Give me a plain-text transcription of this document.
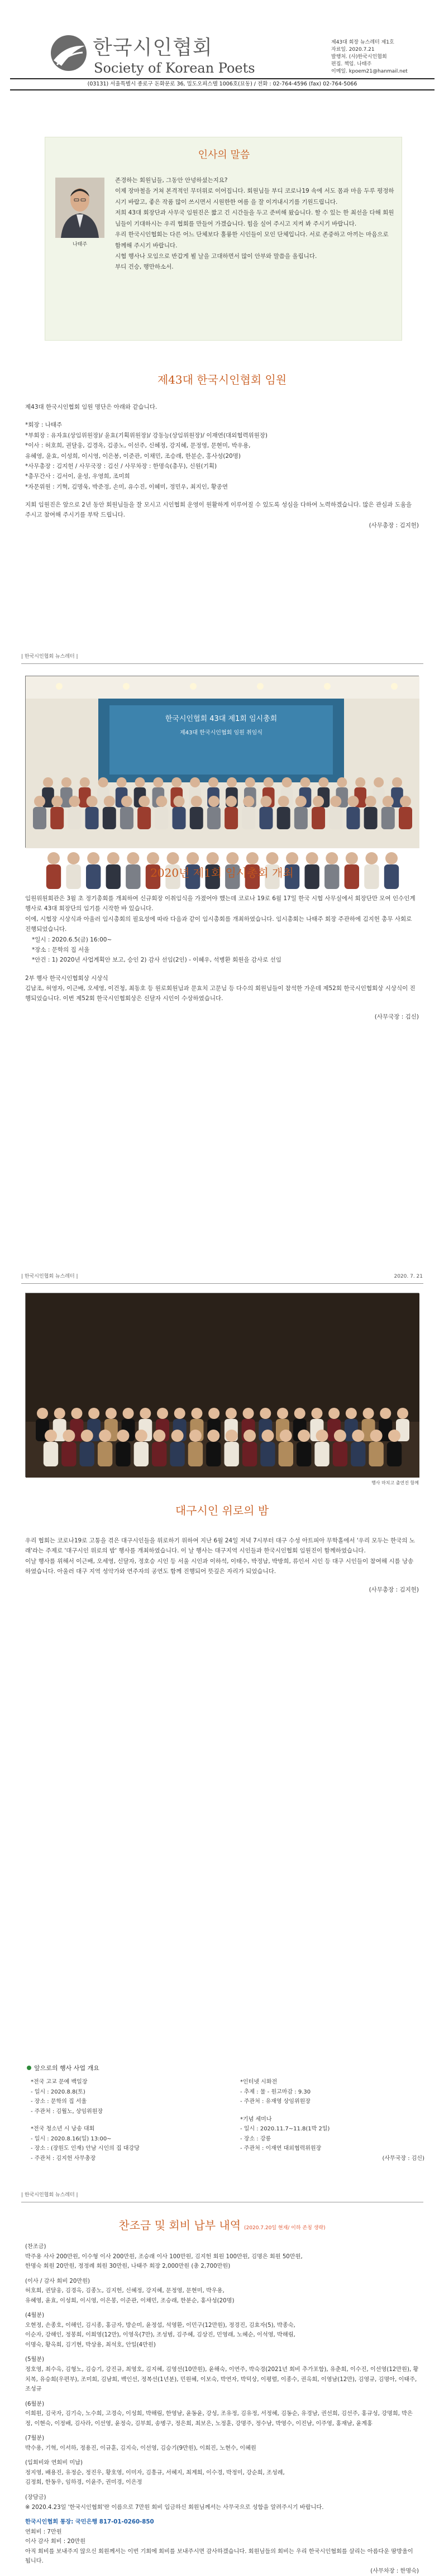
한국시인협회
Society of Korean Poets
제43대 회장 뉴스레터 제1호
자료일. 2020.7.21
발행처. (사)한국시인협회
편집. 책임. 나태주
이메일. kpoem21@hanmail.net
(03131) 서울특별시 종로구 돈화문로 36, 밀도오피스텔 1006호(묘동) / 전화 : 02-764-4596 (fax) 02-764-5066
인사의 말씀
나태주

존경하는 회원님들, 그동안 안녕하셨는지요?

이제 장마철을 거쳐 본격적인 무더위로 이어집니다. 회원님들 부디 코로나19 속에 서도 몸과 마음 두루 평정하시기 바랍고, 좋은 작품 많이 쓰시면서 시원한한 여름 을 잘 이겨내시기를 기원드립니다.

저희 43대 회장단과 사무국 임원진은 짧고 긴 시간들을 두고 준비해 왔습니다. 할 수 있는 한 최선을 다해 회원님들이 기대하시는 우리 협회를 만들어 가겠습니다. 힘을 실어 주시고 지켜 봐 주시기 바랍니다.

우리 한국시인협회는 다른 어느 단체보다 훌륭한 시인들이 모인 단체입니다. 서로 존중하고 아끼는 마음으로 함께해 주시기 바랍니다.

시협 행사나 모임으로 반갑게 뵐 날을 고대하면서 많이 안부와 말씀을 올립니다.

부디 건승, 행만하소서.

제43대 한국시인협회 임원

제43대 한국시인협회 임원 명단은 아래와 같습니다.

*회장 : 나태주

*부회장 : 유자효(상임위원장)/ 윤효(기획위원장)/ 강동능(상임위원장)/ 이재연(대외협력위원장)

*이사 : 허호희, 권달웅, 김경옥, 김종노, 이선주, 신혜정, 강지혜, 문정영, 문현미, 박우용,

유혜영, 윤효, 이성희, 이시영, 이은봉, 이준관, 이채민, 조승래, 한분순, 홍사성(20명)

*사무총장 : 김지헌 / 사무국장 : 김신 / 사무차장 : 한명숙(총무), 신원(기획)

*총무간사 : 김서이, 윤성, 우영희, 조미희

*자문위원 : 기혁, 김명욱, 박준정, 손미, 유수진, 이혜미, 정민우, 최지인, 황종연

지회 임원진은 앞으로 2년 동안 회원님들을 잘 모시고 시인협회 운영이 원활하게 이루어질 수 있도록 성심을 다하여 노력하겠습니다. 많은 관심과 도움을 주시고 참여해 주시기를 부탁 드립니다.

(사무총장 : 김지헌)

| 한국시인협회 뉴스레터 |
한국시인협회 43대 제1회 임시총회
제43대 한국시인협회 임원 취임식
2020년 제1회 임시총회 개최

임원위원회관은 3월 초 정기총회를 개최하여 신규회장 이취임식을 가졌어야 했는데 코로나 19로 6월 17일 한국 시협 사무실에서 회장단만 모여 인수인계 행사로 43대 회장단의 임기를 시작한 바 있습니다.

이에, 시협장 시상식과 아울러 임시총회의 필요성에 따라 다음과 같이 임시총회를 개최하였습니다. 임시총회는 나태주 회장 주관하에 김지헌 총무 사회로 진행되었습니다.

*일시 : 2020.6.5(금) 16:00~

*장소 : 문학의 집 서울

*안건 : 1) 2020년 사업계획안 보고, 승인 2) 감사 선임(2인) - 이혜우, 석병환 회원을 감사로 선임

2부 행사 한국시인협회상 시상식

김남조, 허영자, 이근배, 오세영, 이건청, 최동호 등 원로회원님과 문효치 고문님 등 다수의 회원님들이 참석한 가운데 제52회 한국시인협회상 시상식이 진행되었습니다. 이번 제52회 한국시인협회상은 신달자 시인이 수상하였습니다.

(사무국장 : 김신)

| 한국시인협회 뉴스레터 |	2020. 7. 21
행사 마치고 출연진 함께
대구시인 위로의 밤

우리 협회는 코로나19로 고통을 겪은 대구시인들을 위로하기 위하여 지난 6월 24일 저녁 7시부터 대구 수성 아트피아 무학홀에서 '우리 모두는 한국의 노래'라는 주제로 '대구시인 위로의 밤' 행사를 개최하였습니다. 이 날 행사는 대구지역 시인들과 한국시인협회 임원진이 함께하였습니다.

이날 행사를 위해서 이근배, 오세영, 신달자, 정호승 시인 등 서울 시인과 이하석, 이태수, 박정남, 박방희, 류인서 시인 등 대구 시인들이 참여해 시를 낭송하였습니다. 아울러 대구 지역 성악가와 연주자의 공연도 함께 진행되어 뜻깊은 자리가 되었습니다.

(사무총장 : 김지헌)

앞으로의 행사 사업 개요

*전국 고교 문예 백일장

- 일시 : 2020.8.8(토)

- 장소 : 문학의 집 서울

- 주관처 : 김월노, 상임위원장

*전국 청소년 시 낭송 대회

- 일시 : 2020.8.16(일) 13:00~

- 장소 : (장원도 인재) 안남 시인의 집 대강당

- 주관처 : 김지헌 사무총장

*인터넷 시화전

- 추제 : 물 - 원고마감 : 9.30

- 주관처 : 유재영 상임위원장

*기념 세미나

- 일시 : 2020.11.7~11.8(1박 2일)

- 장소 : 강릉

- 주관처 : 이재연 대외협력위원장

(사무국장 : 김신)

| 한국시인협회 뉴스레터 |
찬조금 및 회비 납부 내역 (2020.7.20일 현재/ 이하 존칭 생략)

(찬조금)

박주용 사사 200만원, 이수형 이사 200만원, 조승래 이사 100만원, 김지헌 회원 100만원, 김명은 회원 50만원,

한명숙 회원 20만원, 정정례 회원 30만원, 나태주 회장 2,000만원 (총 2,700만원)

(이사 / 감사 회비 20만원)

허호희, 권달웅, 김경옥, 김종노, 김지헌, 신혜정, 강지혜, 문정영, 문현미, 박우용,

유혜영, 윤효, 이성희, 이시영, 이은봉, 이준관, 이채민, 조승래, 한분순, 홍사성(20명)

(4월분)

오현정, 손종호, 이해인, 김시종, 홍금자, 방순미, 윤정섭, 석영환, 이민구(12만원), 정경진, 김효자(5), 박종숙,

이순자, 강해인, 정봉희, 이희영(12만), 이영욱(7만), 조성범, 김주혜, 김상진, 민영래, 노혜순, 이석영, 박해림,

이명숙, 황옥희, 김기현, 박상용, 최석호, 안일(4만원)

(5월분)

정호영, 최수옥, 김형노, 김승기, 강진규, 최영호, 김지혜, 김영선(10만원), 윤해숙, 이연주, 박숙경(2021년 회비 추가포함), 유춘희, 이수진, 이선영(12만원), 황치복, 유승희(우편부), 조미희, 김남희, 백인선, 정복선(1년분), 민원혜, 이보숙, 박연자, 박덕상, 이평렬, 이종수, 권옥희, 이영남(12만), 김영규, 김명아, 이태주, 조성규

(6월분)

이희원, 김국자, 김기숙, 노수희, 고경숙, 이성희, 박해림, 한영남, 윤동윤, 강성, 조유정, 김유정, 서정혜, 김동순, 유경남, 권선희, 김선주, 홍규성, 강명희, 박은정, 이현숙, 이정배, 김사라, 이선영, 윤정숙, 김부희, 송병구, 정은희, 최보은, 노정훈, 강명주, 정수남, 박영수, 이진남, 이주영, 홍재남, 윤계홍

(7월분)

박수용, 기혁, 이서하, 정용진, 이규훈, 김지숙, 이선영, 김승기(9만원), 이희진, 노현수, 이혜원

(입회비와 연회비 미납)

정지영, 배용진, 유정순, 정진우, 황호영, 이미자, 김흥규, 서혜지, 최계희, 이수경, 박정미, 강순희, 조성례,

김정희, 한동우, 임하경, 이윤주, 권미경, 이은정

(장담금)

※ 2020.4.23일 '한국시인협회'란 이름으로 7만원 회비 입금하신 회원님께서는 사무국으로 성함을 알려주시기 바랍니다.

한국시인협회 통장: 국민은행 817-01-0260-850

연회비 : 7만원

이사 감사 회비 : 20만원

아직 회비를 보내주지 않으신 회원께서는 이번 기회에 회비를 보내주시면 감사하겠습니다. 회원님들의 회비는 우리 한국시인협회를 살리는 아름다운 땀방울이 됩니다.

(사무차장 : 한명숙)
